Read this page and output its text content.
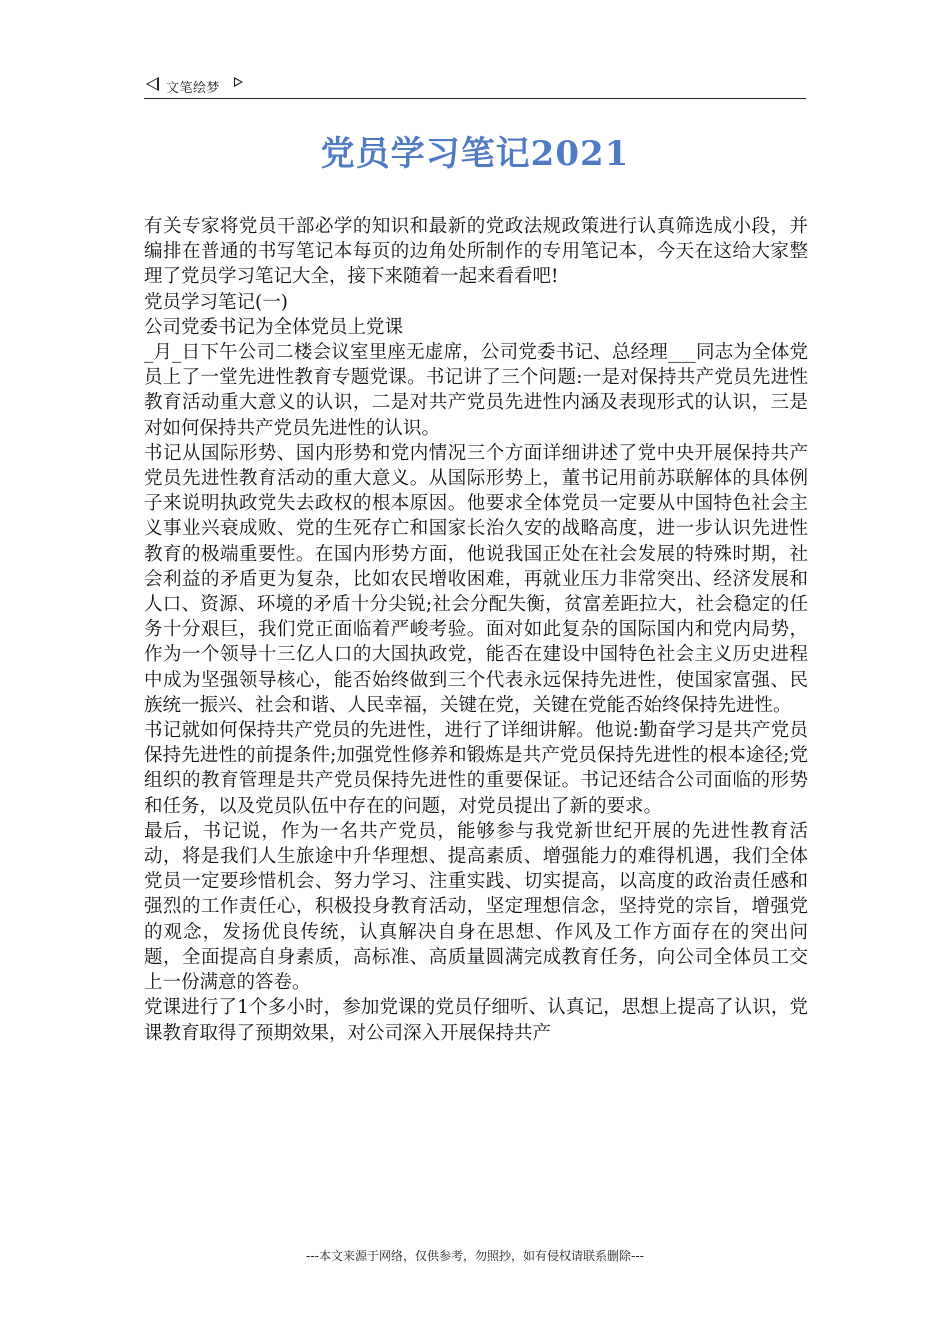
文笔绘梦
党员学习笔记2021

有关专家将党员干部必学的知识和最新的党政法规政策进行认真筛选成小段，并编排在普通的书写笔记本每页的边角处所制作的专用笔记本，今天在这给大家整理了党员学习笔记大全，接下来随着一起来看看吧!

党员学习笔记(一)

公司党委书记为全体党员上党课

_月_日下午公司二楼会议室里座无虚席，公司党委书记、总经理___同志为全体党员上了一堂先进性教育专题党课。书记讲了三个问题:一是对保持共产党员先进性教育活动重大意义的认识，二是对共产党员先进性内涵及表现形式的认识，三是对如何保持共产党员先进性的认识。

书记从国际形势、国内形势和党内情况三个方面详细讲述了党中央开展保持共产党员先进性教育活动的重大意义。从国际形势上，董书记用前苏联解体的具体例子来说明执政党失去政权的根本原因。他要求全体党员一定要从中国特色社会主义事业兴衰成败、党的生死存亡和国家长治久安的战略高度，进一步认识先进性教育的极端重要性。在国内形势方面，他说我国正处在社会发展的特殊时期，社会利益的矛盾更为复杂，比如农民增收困难，再就业压力非常突出、经济发展和人口、资源、环境的矛盾十分尖锐;社会分配失衡，贫富差距拉大，社会稳定的任务十分艰巨，我们党正面临着严峻考验。面对如此复杂的国际国内和党内局势，作为一个领导十三亿人口的大国执政党，能否在建设中国特色社会主义历史进程中成为坚强领导核心，能否始终做到三个代表永远保持先进性，使国家富强、民族统一振兴、社会和谐、人民幸福，关键在党，关键在党能否始终保持先进性。

书记就如何保持共产党员的先进性，进行了详细讲解。他说:勤奋学习是共产党员保持先进性的前提条件;加强党性修养和锻炼是共产党员保持先进性的根本途径;党组织的教育管理是共产党员保持先进性的重要保证。书记还结合公司面临的形势和任务，以及党员队伍中存在的问题，对党员提出了新的要求。

最后，书记说，作为一名共产党员，能够参与我党新世纪开展的先进性教育活动，将是我们人生旅途中升华理想、提高素质、增强能力的难得机遇，我们全体党员一定要珍惜机会、努力学习、注重实践、切实提高，以高度的政治责任感和强烈的工作责任心，积极投身教育活动，坚定理想信念，坚持党的宗旨，增强党的观念，发扬优良传统，认真解决自身在思想、作风及工作方面存在的突出问题，全面提高自身素质，高标准、高质量圆满完成教育任务，向公司全体员工交上一份满意的答卷。

党课进行了1个多小时，参加党课的党员仔细听、认真记，思想上提高了认识，党课教育取得了预期效果，对公司深入开展保持共产

---本文来源于网络，仅供参考，勿照抄，如有侵权请联系删除---
